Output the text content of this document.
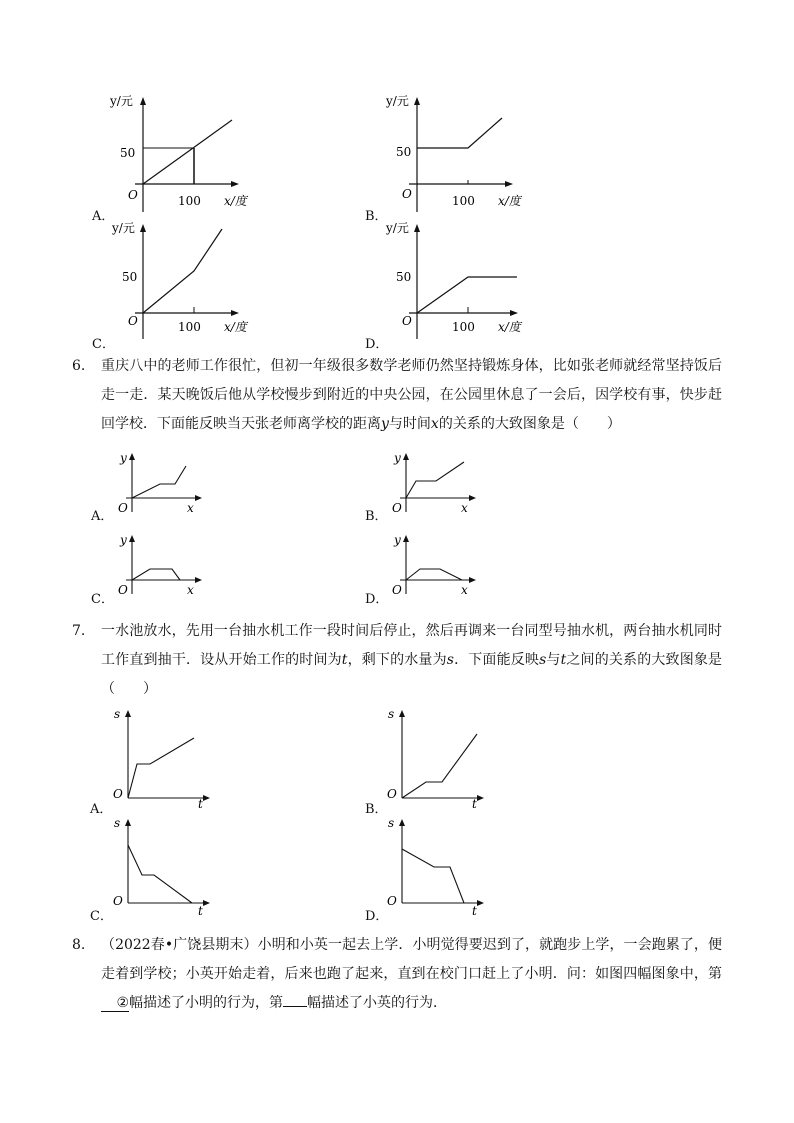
y/元
50
O	100 x/度
A．
y/元
50
O	100 x/度
B．
y/元
50
O	100 x/度
C．
y/元
50
O	100 x/度
D．
6. 重庆八中的老师工作很忙，但初一年级很多数学老师仍然坚持锻炼身体，比如张老师就经常坚持饭后走一走．某天晚饭后他从学校慢步到附近的中央公园，在公园里休息了一会后，因学校有事，快步赶回学校．下面能反映当天张老师离学校的距离y与时间x的关系的大致图象是（　　）
y
O	x
A．
y
O	x
B．
y
O	x
C．
y
O	x
D．
7. 一水池放水，先用一台抽水机工作一段时间后停止，然后再调来一台同型号抽水机，两台抽水机同时工作直到抽干．设从开始工作的时间为t，剩下的水量为s．下面能反映s与t之间的关系的大致图象是（　　）
s
O
t
A．
s
O
t
B．
s
O
t
C．
s
O
t
D．
8. （2022春•广饶县期末）小明和小英一起去上学．小明觉得要迟到了，就跑步上学，一会跑累了，便走着到学校；小英开始走着，后来也跑了起来，直到在校门口赶上了小明．问：如图四幅图象中，第②幅描述了小明的行为，第 幅描述了小英的行为．
